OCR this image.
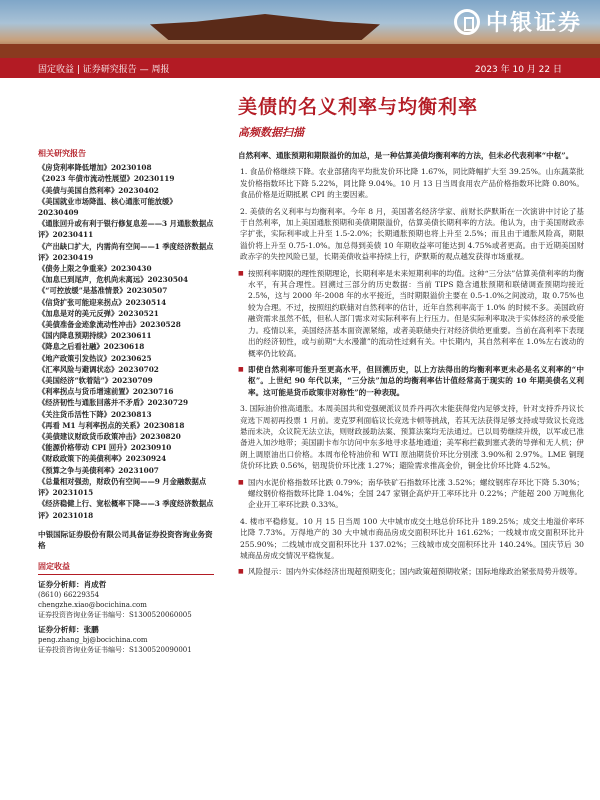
中银证券
固定收益 | 证券研究报告 — 周报	2023 年 10 月 22 日
美债的名义利率与均衡利率
高频数据扫描
相关研究报告
《房贷利率降低增加》20230108
《2023 年债市流动性展望》20230119
《美债与美国自然利率》20230402
《美国就业市场降温、核心通胀可能放缓》20230409
《通胀回升或有利于银行修复息差——3 月通胀数据点评》20230411
《产出缺口扩大，内需尚有空间——1 季度经济数据点评》20230419
《债务上限之争重来》20230430
《加息已到尾声，危机尚未离远》20230504
《“可控放缓”是基准情景》20230507
《信贷扩张可能迎来拐点》20230514
《加息是对的美元反弹》20230521
《美债准备金迹象流动性冲击》20230528
《国内降息预期持续》20230611
《降息之后看社融》20230618
《地产政策引发热议》20230625
《汇率风险与避调状态》20230702
《美国经济“软着陆”》20230709
《利率拐点与货币增速前置》20230716
《经济韧性与通胀回落并不矛盾》20230729
《关注货币活性下降》20230813
《再看 M1 与利率拐点的关系》20230818
《美债建议财政货币政策冲击》20230820
《能源价格带动 CPI 回升》20230910
《财政政策下的美债利率》20230924
《预算之争与美债利率》20231007
《总量相对强劲，财政仍有空间——9 月金融数据点评》20231015
《经济稳健上行、宽松概率下降——3 季度经济数据点评》20231018
中银国际证券股份有限公司具备证券投资咨询业务资格
固定收益
证券分析师：肖成哲
(8610) 66229354
chengzhe.xiao@bocichina.com
证券投资咨询业务证书编号：S1300520060005
证券分析师：张鹏
peng.zhang_bj@bocichina.com
证券投资咨询业务证书编号：S1300520090001

自然利率、通胀预期和期限溢价的加总，是一种估算美债均衡利率的方法，但未必代表利率“中枢”。

1. 食品价格继续下降。农业部猪肉平均批发价环比降 1.67%，同比降幅扩大至 39.25%。山东蔬菜批发价格指数环比下降 5.22%，同比降 9.04%。10 月 13 日当周食用农产品价格指数环比降 0.80%。食品价格是近期抵累 CPI 的主要因素。

2. 美债的名义利率与均衡利率。今年 8 月，美国著名经济学家、前财长萨默斯在一次演讲中讨论了基于自然利率，加上美国通胀预期和美债期限溢价，估算美债长期利率的方法。他认为，由于美国财政赤字扩张，实际利率或上升至 1.5-2.0%；长期通胀预期也将上升至 2.5%；而且由于通胀风险高，期限溢价将上升至 0.75-1.0%。加总得到美债 10 年期收益率可能达到 4.75%或者更高。由于近期美国财政赤字的失控风险已显，长期美债收益率持续上行，萨默斯的观点越发获得市场重视。

■ 按照利率期限的理性预期理论，长期利率是未来短期利率的均值。这种“三分法”估算美债利率的均衡水平，有其合理性。回溯过三部分的历史数据：当前 TIPS 隐含通胀预期和联储调查预期均接近 2.5%，这与 2000 年-2008 年的水平接近，当时期限溢价主要在 0.5-1.0%之间波动，取 0.75%也较为合理。不过，按照纽约联储对自然利率的估计，近年自然利率高于 1.0% 的时候不多。美国政府融资需求虽然不低，但私人部门需求对实际利率有上行压力。但是实际利率取决于实体经济的承受能力。疫情以来，美国经济基本面资源紧缩，或者美联储央行对经济供给更重要。当前在高利率下表现出的经济韧性，或与前期“大水漫灌”的流动性过剩有关。中长期内，其自然利率在 1.0%左右波动的概率仍比较高。

■ 即使自然利率可能升至更高水平，但回溯历史，以上方法得出的均衡利率更未必是名义利率的“中枢”。上世纪 90 年代以来，“三分法”加总的均衡利率估计值经常高于现实的 10 年期美债名义利率。这可能是货币政策非对称性”的一种表现。

3. 国际油价推高通胀。本周美国共和党强硬派议员乔丹再次未能获得党内足够支持，针对支持乔丹议长竞选下周初再投票 1 月前。麦克罗利面临议长竞选卡顿等挑战，若其无法获得足够支持或导致议长竞选悬而未决，众议院无法立法，则财政援助法案、预算法案均无法通过。已以局势继续升级，以军或已准备进入加沙地带；美国副卡布尔访问中东多地寻求基地通道；美军称拦截到塞式袭的导弹和无人机；伊朗上调原油出口价格。本周布伦特油价和 WTI 原油期货价环比分别涨 3.90%和 2.97%。LME 铜现货价环比跌 0.56%，铝现货价环比涨 1.27%；避险需求推高金价，铜金比价环比降 4.52%。

■ 国内水泥价格指数环比跌 0.79%；南华铁矿石指数环比涨 3.52%；螺纹钢库存环比下降 5.30%；螺纹钢价格指数环比降 1.04%；全国 247 家钢企高炉开工率环比升 0.22%；产能超 200 万吨焦化企业开工率环比跌 0.33%。

4. 楼市平稳修复。10 月 15 日当周 100 大中城市成交土地总价环比升 189.25%；成交土地溢价率环比降 7.73%。万得地产的 30 大中城市商品房成交面积环比升 161.62%；一线城市成交面积环比升 255.90%；二线城市成交面积环比升 137.02%；三线城市成交面积环比升 140.24%。国庆节后 30 城商品房成交情况平稳恢复。

■ 风险提示：国内外实体经济出现超预期变化；国内政策超预期收紧；国际地缘政治紧张局势升级等。
